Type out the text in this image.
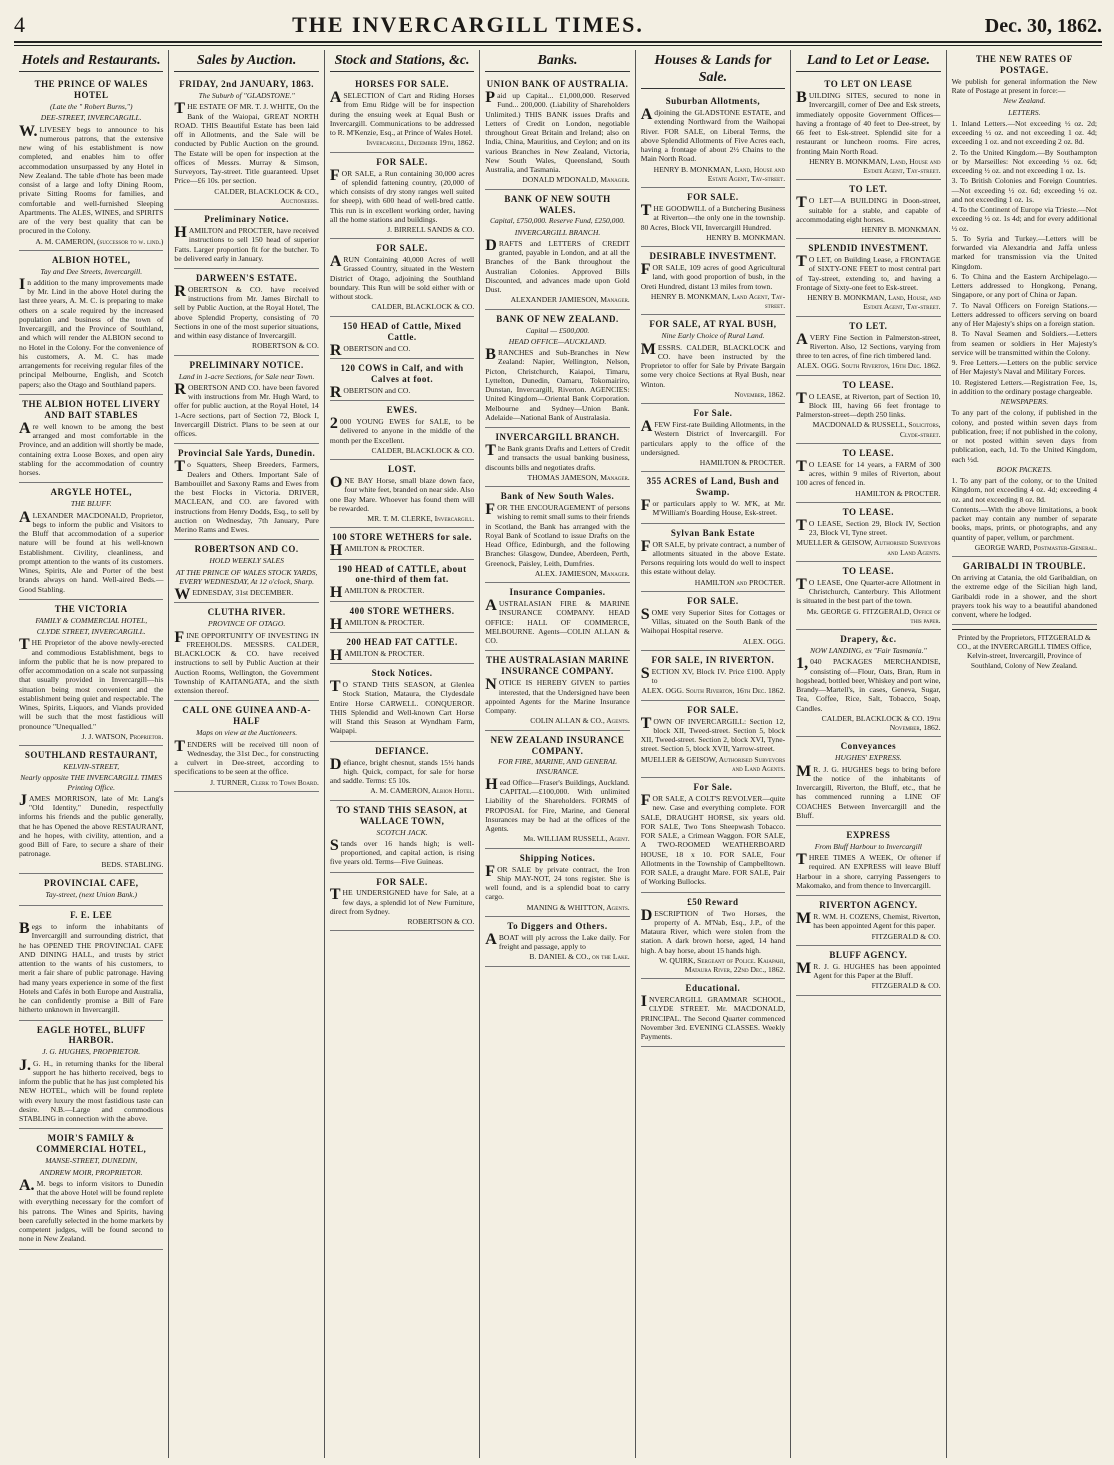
4	THE INVERCARGILL TIMES.	Dec. 30, 1862.
Hotels and Restaurants.
THE PRINCE OF WALES HOTEL
(Late the " Robert Burns,")
DEE-STREET, INVERCARGILL.

W.LIVESEY begs to announce to his numerous patrons, that the extensive new wing of his establishment is now completed, and enables him to offer accommodation unsurpassed by any Hotel in New Zealand. The table d'hote has been made consist of a large and lofty Dining Room, private Sitting Rooms for families, and comfortable and well-furnished Sleeping Apartments. The ALES, WINES, and SPIRITS are of the very best quality that can be procured in the Colony.

A. M. CAMERON, (successor to w. lind.)
ALBION HOTEL,
Tay and Dee Streets, Invercargill.

In addition to the many improvements made by Mr. Lind in the above Hotel during the last three years, A. M. C. is preparing to make others on a scale required by the increased population and business of the town of Invercargill, and the Province of Southland, and which will render the ALBION second to no Hotel in the Colony. For the convenience of his customers, A. M. C. has made arrangements for receiving regular files of the principal Melbourne, English, and Scotch papers; also the Otago and Southland papers.

THE ALBION HOTEL LIVERY AND BAIT STABLES

Are well known to be among the best arranged and most comfortable in the Province, and an addition will shortly be made, containing extra Loose Boxes, and open airy stabling for the accommodation of country horses.

ARGYLE HOTEL,
THE BLUFF.

ALEXANDER MACDONALD, Proprietor, begs to inform the public and Visitors to the Bluff that accommodation of a superior nature will be found at his well-known Establishment. Civility, cleanliness, and prompt attention to the wants of its customers. Wines, Spirits, Ale and Porter of the best brands always on hand. Well-aired Beds.—Good Stabling.

THE VICTORIA
FAMILY & COMMERCIAL HOTEL,
CLYDE STREET, INVERCARGILL.

THE Proprietor of the above newly-erected and commodious Establishment, begs to inform the public that he is now prepared to offer accommodation on a scale not surpassing that usually provided in Invercargill—his situation being most convenient and the establishment being quiet and respectable. The Wines, Spirits, Liquors, and Viands provided will be such that the most fastidious will pronounce "Unequalled."

J. J. WATSON, Proprietor.
SOUTHLAND RESTAURANT,
KELVIN-STREET,
Nearly opposite THE INVERCARGILL TIMES Printing Office.

JAMES MORRISON, late of Mr. Lang's "Old Identity," Dunedin, respectfully informs his friends and the public generally, that he has Opened the above RESTAURANT, and he hopes, with civility, attention, and a good Bill of Fare, to secure a share of their patronage.

BEDS. STABLING.
PROVINCIAL CAFE,
Tay-street, (next Union Bank.)
F. E. LEE

Begs to inform the inhabitants of Invercargill and surrounding district, that he has OPENED THE PROVINCIAL CAFE AND DINING HALL, and trusts by strict attention to the wants of his customers, to merit a fair share of public patronage. Having had many years experience in some of the first Hotels and Cafés in both Europe and Australia, he can confidently promise a Bill of Fare hitherto unknown in Invercargill.

EAGLE HOTEL, BLUFF HARBOR.
J. G. HUGHES, PROPRIETOR.

J.G. H., in returning thanks for the liberal support he has hitherto received, begs to inform the public that he has just completed his NEW HOTEL, which will be found replete with every luxury the most fastidious taste can desire. N.B.—Large and commodious STABLING in connection with the above.

MOIR'S FAMILY & COMMERCIAL HOTEL,
MANSE-STREET, DUNEDIN,
ANDREW MOIR, PROPRIETOR.

A.M. begs to inform visitors to Dunedin that the above Hotel will be found replete with everything necessary for the comfort of his patrons. The Wines and Spirits, having been carefully selected in the home markets by competent judges, will be found second to none in New Zealand.

Sales by Auction.
FRIDAY, 2nd JANUARY, 1863.
The Suburb of "GLADSTONE."

THE ESTATE OF MR. T. J. WHITE, On the Bank of the Waiopai, GREAT NORTH ROAD. THIS Beautiful Estate has been laid off in Allotments, and the Sale will be conducted by Public Auction on the ground. The Estate will be open for inspection at the offices of Messrs. Murray & Simson, Surveyors, Tay-street. Title guaranteed. Upset Price—£6 10s. per section.

CALDER, BLACKLOCK & CO., Auctioneers.
Preliminary Notice.

HAMILTON and PROCTER, have received instructions to sell 150 head of superior Fatts. Larger proportion fit for the butcher. To be delivered early in January.

DARWEEN'S ESTATE.

ROBERTSON & CO. have received instructions from Mr. James Birchall to sell by Public Auction, at the Royal Hotel, The above Splendid Property, consisting of 70 Sections in one of the most superior situations, and within easy distance of Invercargill.

ROBERTSON & CO.
PRELIMINARY NOTICE.
Land in 1-acre Sections, for Sale near Town.

ROBERTSON AND CO. have been favored with instructions from Mr. Hugh Ward, to offer for public auction, at the Royal Hotel, 14 1-Acre sections, part of Section 72, Block I, Invercargill District. Plans to be seen at our offices.

Provincial Sale Yards, Dunedin.

To Squatters, Sheep Breeders, Farmers, Dealers and Others. Important Sale of Bambouillet and Saxony Rams and Ewes from the best Flocks in Victoria. DRIVER, MACLEAN, and CO. are favored with instructions from Henry Dodds, Esq., to sell by auction on Wednesday, 7th January, Pure Merino Rams and Ewes.

ROBERTSON AND CO.
HOLD WEEKLY SALES
AT THE PRINCE OF WALES STOCK YARDS, EVERY WEDNESDAY, At 12 o'clock, Sharp.

WEDNESDAY, 31st DECEMBER.

CLUTHA RIVER.
PROVINCE OF OTAGO.

FINE OPPORTUNITY OF INVESTING IN FREEHOLDS. MESSRS. CALDER, BLACKLOCK & CO. have received instructions to sell by Public Auction at their Auction Rooms, Wellington, the Government Township of KAITANGATA, and the sixth extension thereof.

CALL ONE GUINEA AND-A-HALF
Maps on view at the Auctioneers.

TENDERS will be received till noon of Wednesday, the 31st Dec., for constructing a culvert in Dee-street, according to specifications to be seen at the office.

J. TURNER, Clerk to Town Board.
Stock and Stations, &c.
HORSES FOR SALE.

ASELECTION of Cart and Riding Horses from Emu Ridge will be for inspection during the ensuing week at Equal Bush or Invercargill. Communications to be addressed to R. M'Kenzie, Esq., at Prince of Wales Hotel.

Invercargill, December 19th, 1862.
FOR SALE.

FOR SALE, a Run containing 30,000 acres of splendid fattening country, (20,000 of which consists of dry stony ranges well suited for sheep), with 600 head of well-bred cattle. This run is in excellent working order, having all the home stations and buildings.

J. BIRRELL SANDS & CO.
FOR SALE.

ARUN Containing 40,000 Acres of well Grassed Country, situated in the Western District of Otago, adjoining the Southland boundary. This Run will be sold either with or without stock.

CALDER, BLACKLOCK & CO.
150 HEAD of Cattle, Mixed Cattle.

ROBERTSON and CO.

120 COWS in Calf, and with Calves at foot.

ROBERTSON and CO.

EWES.

2000 YOUNG EWES for SALE, to be delivered to anyone in the middle of the month per the Excellent.

CALDER, BLACKLOCK & CO.
LOST.

ONE BAY Horse, small blaze down face, four white feet, branded on near side. Also one Bay Mare. Whoever has found them will be rewarded.

MR. T. M. CLERKE, Invercargill.
100 STORE WETHERS for sale.

HAMILTON & PROCTER.

190 HEAD of CATTLE, about one-third of them fat.

HAMILTON & PROCTER.

400 STORE WETHERS.

HAMILTON & PROCTER.

200 HEAD FAT CATTLE.

HAMILTON & PROCTER.

Stock Notices.

TO STAND THIS SEASON, at Glenlea Stock Station, Mataura, the Clydesdale Entire Horse CARWELL. CONQUEROR. THIS Splendid and Well-known Cart Horse will Stand this Season at Wyndham Farm, Waipapi.

DEFIANCE.

Defiance, bright chesnut, stands 15½ hands high. Quick, compact, for sale for horse and saddle. Terms: £5 10s.

A. M. CAMERON, Albion Hotel.
TO STAND THIS SEASON, at WALLACE TOWN,
SCOTCH JACK.

Stands over 16 hands high; is well-proportioned, and capital action, is rising five years old. Terms—Five Guineas.

FOR SALE.

THE UNDERSIGNED have for Sale, at a few days, a splendid lot of New Furniture, direct from Sydney.

ROBERTSON & CO.
Banks.
UNION BANK OF AUSTRALIA.

Paid up Capital... £1,000,000. Reserved Fund... 200,000. (Liability of Shareholders Unlimited.) THIS BANK issues Drafts and Letters of Credit on London, negotiable throughout Great Britain and Ireland; also on India, China, Mauritius, and Ceylon; and on its various Branches in New Zealand, Victoria, New South Wales, Queensland, South Australia, and Tasmania.

DONALD M'DONALD, Manager.
BANK OF NEW SOUTH WALES.
Capital, £750,000. Reserve Fund, £250,000.
INVERCARGILL BRANCH.

DRAFTS and LETTERS of CREDIT granted, payable in London, and at all the Branches of the Bank throughout the Australian Colonies. Approved Bills Discounted, and advances made upon Gold Dust.

ALEXANDER JAMIESON, Manager.
BANK OF NEW ZEALAND.
Capital — £500,000.
HEAD OFFICE—AUCKLAND.

BRANCHES and Sub-Branches in New Zealand: Napier, Wellington, Nelson, Picton, Christchurch, Kaiapoi, Timaru, Lyttelton, Dunedin, Oamaru, Tokomairiro, Dunstan, Invercargill, Riverton. AGENCIES: United Kingdom—Oriental Bank Corporation. Melbourne and Sydney—Union Bank. Adelaide—National Bank of Australasia.

INVERCARGILL BRANCH.

The Bank grants Drafts and Letters of Credit and transacts the usual banking business, discounts bills and negotiates drafts.

THOMAS JAMESON, Manager.
Bank of New South Wales.

FOR THE ENCOURAGEMENT of persons wishing to remit small sums to their friends in Scotland, the Bank has arranged with the Royal Bank of Scotland to issue Drafts on the Head Office, Edinburgh, and the following Branches: Glasgow, Dundee, Aberdeen, Perth, Greenock, Paisley, Leith, Dumfries.

ALEX. JAMIESON, Manager.
Insurance Companies.

AUSTRALASIAN FIRE & MARINE INSURANCE COMPANY. HEAD OFFICE: HALL OF COMMERCE, MELBOURNE. Agents—COLIN ALLAN & CO.

THE AUSTRALASIAN MARINE INSURANCE COMPANY.

NOTICE IS HEREBY GIVEN to parties interested, that the Undersigned have been appointed Agents for the Marine Insurance Company.

COLIN ALLAN & CO., Agents.
NEW ZEALAND INSURANCE COMPANY.
FOR FIRE, MARINE, AND GENERAL INSURANCE.

Head Office—Fraser's Buildings, Auckland. CAPITAL—£100,000. With unlimited Liability of the Shareholders. FORMS of PROPOSAL for Fire, Marine, and General Insurances may be had at the offices of the Agents.

Mr. WILLIAM RUSSELL, Agent.
Shipping Notices.

FOR SALE by private contract, the Iron Ship MAY-NOT, 24 tons register. She is well found, and is a splendid boat to carry cargo.

MANING & WHITTON, Agents.
To Diggers and Others.

ABOAT will ply across the Lake daily. For freight and passage, apply to

B. DANIEL & CO., on the Lake.
Houses & Lands for Sale.
Suburban Allotments,

Adjoining the GLADSTONE ESTATE, and extending Northward from the Waihopai River. FOR SALE, on Liberal Terms, the above Splendid Allotments of Five Acres each, having a frontage of about 2½ Chains to the Main North Road.

HENRY B. MONKMAN, Land, House and Estate Agent, Tay-street.
FOR SALE.

THE GOODWILL of a Butchering Business at Riverton—the only one in the township. 80 Acres, Block VII, Invercargill Hundred.

HENRY B. MONKMAN.
DESIRABLE INVESTMENT.

FOR SALE, 109 acres of good Agricultural land, with good proportion of bush, in the Oreti Hundred, distant 13 miles from town.

HENRY B. MONKMAN, Land Agent, Tay-street.
FOR SALE, AT RYAL BUSH,
Nine Early Choice of Rural Land.

MESSRS. CALDER, BLACKLOCK and CO. have been instructed by the Proprietor to offer for Sale by Private Bargain some very choice Sections at Ryal Bush, near Winton.

November, 1862.
For Sale.

AFEW First-rate Building Allotments, in the Western District of Invercargill. For particulars apply to the office of the undersigned.

HAMILTON & PROCTER.
355 ACRES of Land, Bush and Swamp.

For particulars apply to W. M'K, at Mr. M'William's Boarding House, Esk-street.

Sylvan Bank Estate

FOR SALE, by private contract, a number of allotments situated in the above Estate. Persons requiring lots would do well to inspect this estate without delay.

HAMILTON and PROCTER.
FOR SALE.

SOME very Superior Sites for Cottages or Villas, situated on the South Bank of the Waihopai Hospital reserve.

ALEX. OGG.
FOR SALE, IN RIVERTON.

SECTION XV, Block IV. Price £100. Apply to

ALEX. OGG. South Riverton, 16th Dec. 1862.
FOR SALE.

TOWN OF INVERCARGILL: Section 12, block XII, Tweed-street. Section 5, block XII, Tweed-street. Section 2, block XVI, Tyne-street. Section 5, block XVII, Yarrow-street.

MUELLER & GEISOW, Authorised Surveyors and Land Agents.
For Sale.

FOR SALE, A COLT'S REVOLVER—quite new. Case and everything complete. FOR SALE, DRAUGHT HORSE, six years old. FOR SALE, Two Tons Sheepwash Tobacco. FOR SALE, a Crimean Waggon. FOR SALE, A TWO-ROOMED WEATHERBOARD HOUSE, 18 x 10. FOR SALE, Four Allotments in the Township of Campbelltown. FOR SALE, a draught Mare. FOR SALE, Pair of Working Bullocks.

£50 Reward

DESCRIPTION of Two Horses, the property of A. M'Nab, Esq., J.P., of the Mataura River, which were stolen from the station. A dark brown horse, aged, 14 hand high. A bay horse, about 15 hands high.

W. QUIRK, Sergeant of Police. Kaiapahi, Mataura River, 22nd Dec., 1862.
Educational.

INVERCARGILL GRAMMAR SCHOOL, CLYDE STREET. Mr. MACDONALD, PRINCIPAL. The Second Quarter commenced November 3rd. EVENING CLASSES. Weekly Payments.

Land to Let or Lease.
TO LET ON LEASE

BUILDING SITES, secured to none in Invercargill, corner of Dee and Esk streets, immediately opposite Government Offices—having a frontage of 40 feet to Dee-street, by 66 feet to Esk-street. Splendid site for a restaurant or luncheon rooms. Fire acres, fronting Main North Road.

HENRY B. MONKMAN, Land, House and Estate Agent, Tay-street.
TO LET.

TO LET—A BUILDING in Doon-street, suitable for a stable, and capable of accommodating eight horses.

HENRY B. MONKMAN.
SPLENDID INVESTMENT.

TO LET, on Building Lease, a FRONTAGE of SIXTY-ONE FEET to most central part of Tay-street, extending to, and having a Frontage of Sixty-one feet to Esk-street.

HENRY B. MONKMAN, Land, House, and Estate Agent, Tay-street.
TO LET.

AVERY Fine Section in Palmerston-street, Riverton. Also, 12 Sections, varying from three to ten acres, of fine rich timbered land.

ALEX. OGG. South Riverton, 16th Dec. 1862.
TO LEASE.

TO LEASE, at Riverton, part of Section 10, Block III, having 66 feet frontage to Palmerston-street—depth 250 links.

MACDONALD & RUSSELL, Solicitors, Clyde-street.
TO LEASE.

TO LEASE for 14 years, a FARM of 300 acres, within 9 miles of Riverton, about 100 acres of fenced in.

HAMILTON & PROCTER.
TO LEASE.

TO LEASE, Section 29, Block IV, Section 23, Block VI, Tyne street.

MUELLER & GEISOW, Authorised Surveyors and Land Agents.
TO LEASE.

TO LEASE, One Quarter-acre Allotment in Christchurch, Canterbury. This Allotment is situated in the best part of the town.

Mr. GEORGE G. FITZGERALD, Office of this paper.
Drapery, &c.
NOW LANDING, ex "Fair Tasmania."

1,040 PACKAGES MERCHANDISE, consisting of—Flour, Oats, Bran, Rum in hogshead, bottled beer, Whiskey and port wine, Brandy—Martell's, in cases, Geneva, Sugar, Tea, Coffee, Rice, Salt, Tobacco, Soap, Candles.

CALDER, BLACKLOCK & CO. 19th November, 1862.
Conveyances
HUGHES' EXPRESS.

MR. J. G. HUGHES begs to bring before the notice of the inhabitants of Invercargill, Riverton, the Bluff, etc., that he has commenced running a LINE OF COACHES Between Invercargill and the Bluff.

EXPRESS
From Bluff Harbour to Invercargill

THREE TIMES A WEEK, Or oftener if required. AN EXPRESS will leave Bluff Harbour in a shore, carrying Passengers to Makomako, and from thence to Invercargill.

RIVERTON AGENCY.

MR. WM. H. COZENS, Chemist, Riverton, has been appointed Agent for this paper.

FITZGERALD & CO.
BLUFF AGENCY.

MR. J. G. HUGHES has been appointed Agent for this Paper at the Bluff.

FITZGERALD & CO.
THE NEW RATES OF POSTAGE.

We publish for general information the New Rate of Postage at present in force:—

New Zealand.
LETTERS.

1. Inland Letters.—Not exceeding ½ oz. 2d; exceeding ½ oz. and not exceeding 1 oz. 4d; exceeding 1 oz. and not exceeding 2 oz. 8d.

2. To the United Kingdom.—By Southampton or by Marseilles: Not exceeding ½ oz. 6d; exceeding ½ oz. and not exceeding 1 oz. 1s.

3. To British Colonies and Foreign Countries.—Not exceeding ½ oz. 6d; exceeding ½ oz. and not exceeding 1 oz. 1s.

4. To the Continent of Europe via Trieste.—Not exceeding ½ oz. 1s 4d; and for every additional ½ oz.

5. To Syria and Turkey.—Letters will be forwarded via Alexandria and Jaffa unless marked for transmission via the United Kingdom.

6. To China and the Eastern Archipelago.—Letters addressed to Hongkong, Penang, Singapore, or any port of China or Japan.

7. To Naval Officers on Foreign Stations.—Letters addressed to officers serving on board any of Her Majesty's ships on a foreign station.

8. To Naval Seamen and Soldiers.—Letters from seamen or soldiers in Her Majesty's service will be transmitted within the Colony.

9. Free Letters.—Letters on the public service of Her Majesty's Naval and Military Forces.

10. Registered Letters.—Registration Fee, 1s, in addition to the ordinary postage chargeable.

NEWSPAPERS.

To any part of the colony, if published in the colony, and posted within seven days from publication, free; if not published in the colony, or not posted within seven days from publication, each, 1d. To the United Kingdom, each ½d.

BOOK PACKETS.

1. To any part of the colony, or to the United Kingdom, not exceeding 4 oz. 4d; exceeding 4 oz. and not exceeding 8 oz. 8d.

Contents.—With the above limitations, a book packet may contain any number of separate books, maps, prints, or photographs, and any quantity of paper, vellum, or parchment.

GEORGE WARD, Postmaster-General.
GARIBALDI IN TROUBLE.

On arriving at Catania, the old Garibaldian, on the extreme edge of the Sicilian high land, Garibaldi rode in a shower, and the short prayers took his way to a beautiful abandoned convent, where he lodged.

Printed by the Proprietors, FITZGERALD & CO., at the INVERCARGILL TIMES Office, Kelvin-street, Invercargill, Province of Southland, Colony of New Zealand.
